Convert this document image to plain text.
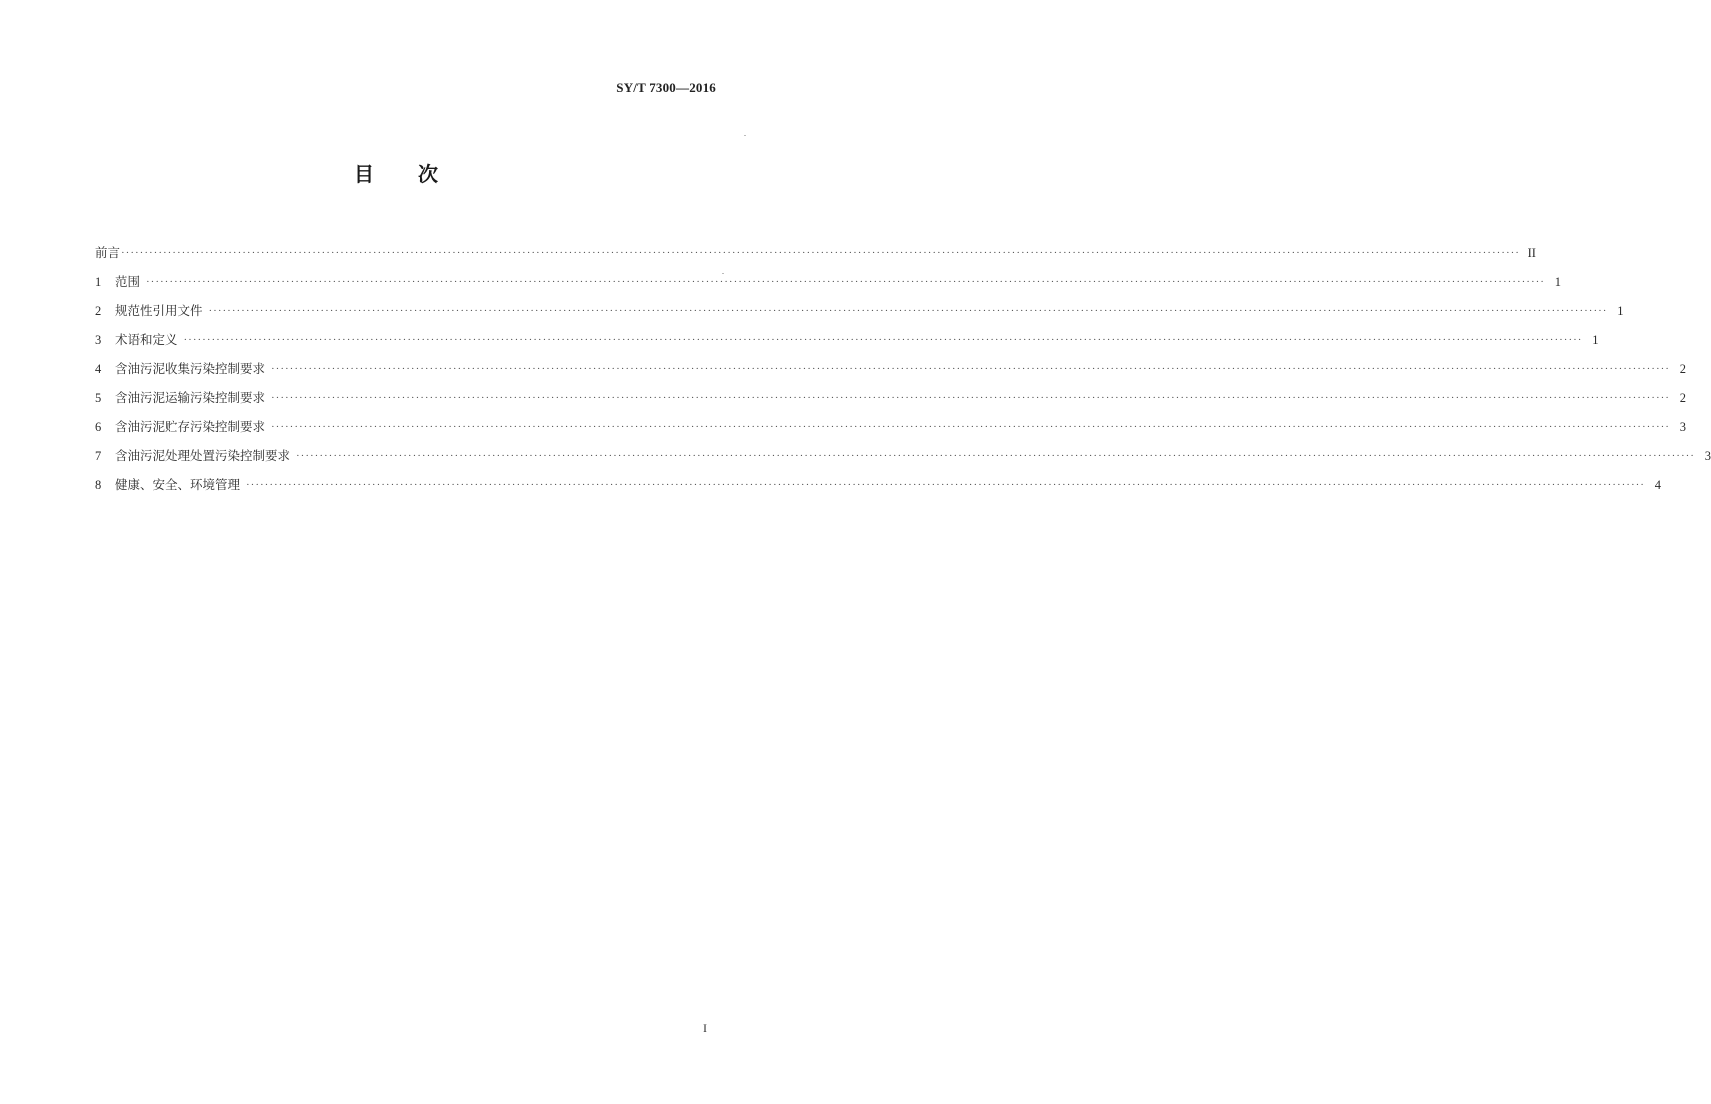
SY/T 7300—2016
目 次
前言 ············································································································································································································································································································ II
1	范围 ············································································································································································································································································································ 1
2	规范性引用文件 ············································································································································································································································································································ 1
3	术语和定义 ············································································································································································································································································································ 1
4	含油污泥收集污染控制要求 ············································································································································································································································································································ 2
5	含油污泥运输污染控制要求 ············································································································································································································································································································ 2
6	含油污泥贮存污染控制要求 ············································································································································································································································································································ 3
7	含油污泥处理处置污染控制要求 ············································································································································································································································································································ 3
8	健康、安全、环境管理 ············································································································································································································································································································ 4
I
